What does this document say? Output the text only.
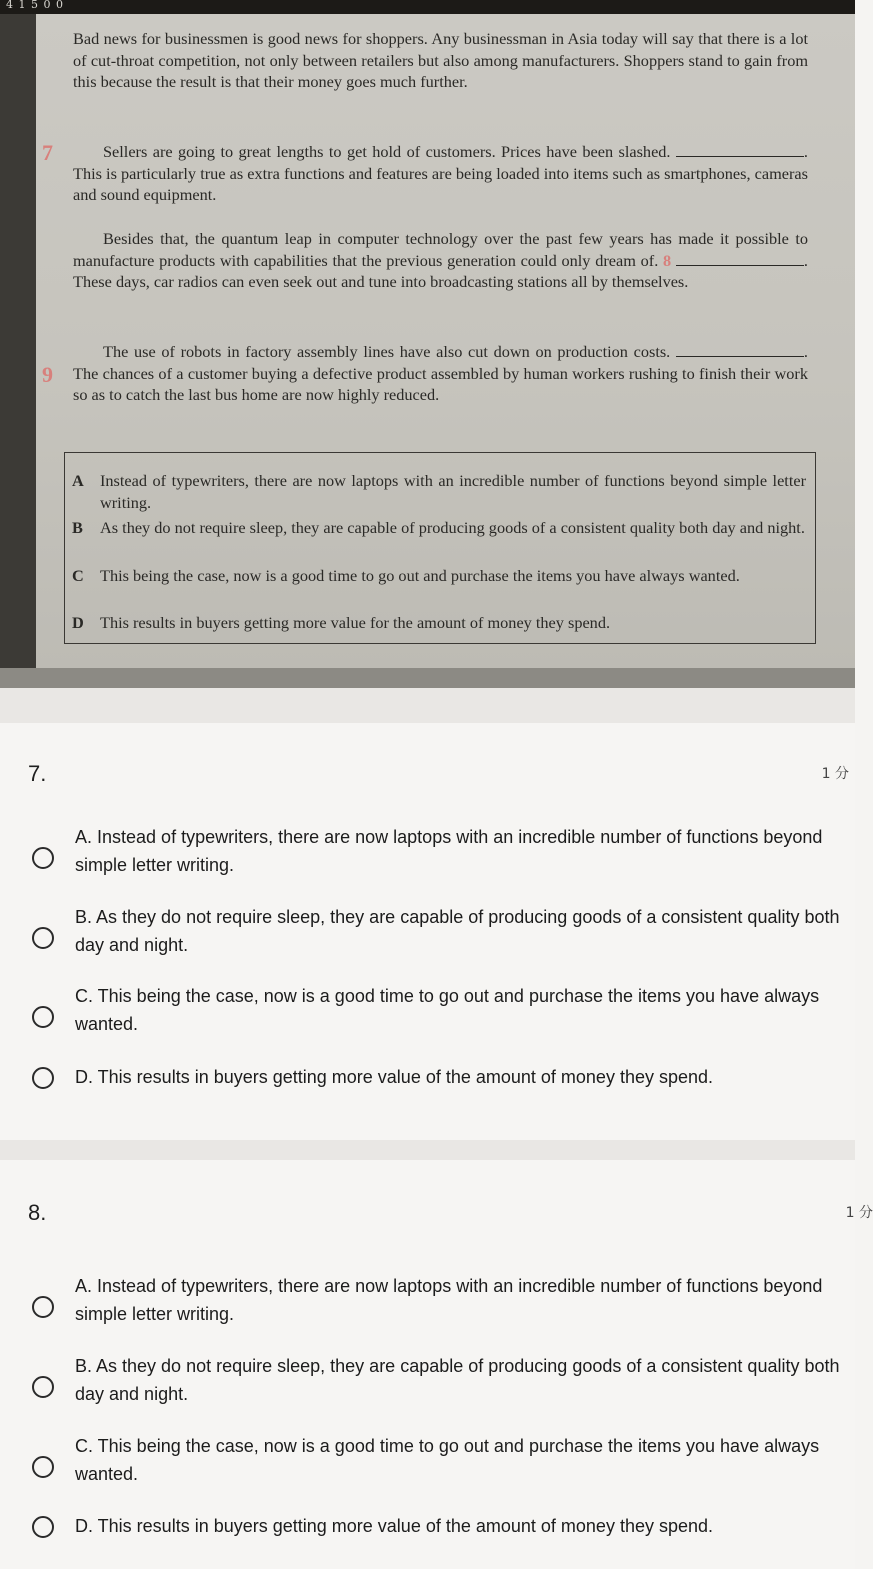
4 1 5 0 0

Bad news for businessmen is good news for shoppers. Any businessman in Asia today will say that there is a lot of cut-throat competition, not only between retailers but also among manufacturers. Shoppers stand to gain from this because the result is that their money goes much further.

7	Sellers are going to great lengths to get hold of customers. Prices have been slashed.	. This is particularly true as extra functions and features are being loaded into items such as smartphones, cameras and sound equipment.

Besides that, the quantum leap in computer technology over the past few years has made it possible to manufacture products with capabilities that the previous generation could only dream of. 8	. These days, car radios can even seek out and tune into broadcasting stations all by themselves.

9

The use of robots in factory assembly lines have also cut down on production costs.	. The chances of a customer buying a defective product assembled by human workers rushing to finish their work so as to catch the last bus home are now highly reduced.

A Instead of typewriters, there are now laptops with an incredible number of functions beyond simple letter writing.

B As they do not require sleep, they are capable of producing goods of a consistent quality both day and night.

C This being the case, now is a good time to go out and purchase the items you have always wanted.

D This results in buyers getting more value for the amount of money they spend.

7.	1 分

A. Instead of typewriters, there are now laptops with an incredible number of functions beyond simple letter writing.

B. As they do not require sleep, they are capable of producing goods of a consistent quality both day and night.

C. This being the case, now is a good time to go out and purchase the items you have always wanted.

D. This results in buyers getting more value of the amount of money they spend.

8.	1 分

A. Instead of typewriters, there are now laptops with an incredible number of functions beyond simple letter writing.

B. As they do not require sleep, they are capable of producing goods of a consistent quality both day and night.

C. This being the case, now is a good time to go out and purchase the items you have always wanted.

D. This results in buyers getting more value of the amount of money they spend.
